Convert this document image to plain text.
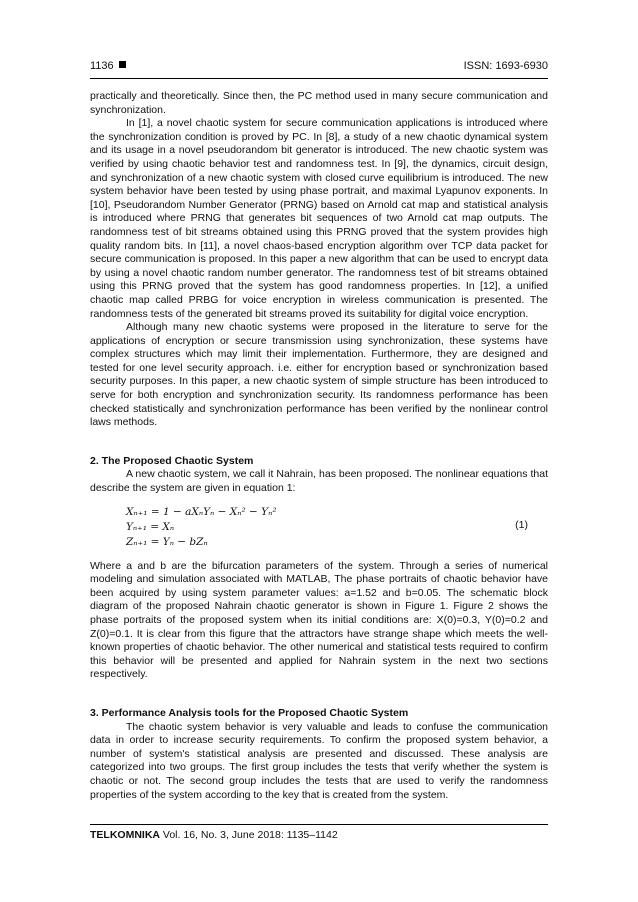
1136	ISSN: 1693-6930

practically and theoretically. Since then, the PC method used in many secure communication and synchronization.

In [1], a novel chaotic system for secure communication applications is introduced where the synchronization condition is proved by PC. In [8], a study of a new chaotic dynamical system and its usage in a novel pseudorandom bit generator is introduced. The new chaotic system was verified by using chaotic behavior test and randomness test. In [9], the dynamics, circuit design, and synchronization of a new chaotic system with closed curve equilibrium is introduced. The new system behavior have been tested by using phase portrait, and maximal Lyapunov exponents. In [10], Pseudorandom Number Generator (PRNG) based on Arnold cat map and statistical analysis is introduced where PRNG that generates bit sequences of two Arnold cat map outputs. The randomness test of bit streams obtained using this PRNG proved that the system provides high quality random bits. In [11], a novel chaos-based encryption algorithm over TCP data packet for secure communication is proposed. In this paper a new algorithm that can be used to encrypt data by using a novel chaotic random number generator. The randomness test of bit streams obtained using this PRNG proved that the system has good randomness properties. In [12], a unified chaotic map called PRBG for voice encryption in wireless communication is presented. The randomness tests of the generated bit streams proved its suitability for digital voice encryption.

Although many new chaotic systems were proposed in the literature to serve for the applications of encryption or secure transmission using synchronization, these systems have complex structures which may limit their implementation. Furthermore, they are designed and tested for one level security approach. i.e. either for encryption based or synchronization based security purposes. In this paper, a new chaotic system of simple structure has been introduced to serve for both encryption and synchronization security. Its randomness performance has been checked statistically and synchronization performance has been verified by the nonlinear control laws methods.

2. The Proposed Chaotic System

A new chaotic system, we call it Nahrain, has been proposed. The nonlinear equations that describe the system are given in equation 1:

Xₙ₊₁ = 1 − aXₙYₙ − Xₙ² − Yₙ²
Yₙ₊₁ = Xₙ
Zₙ₊₁ = Yₙ − bZₙ
(1)

Where a and b are the bifurcation parameters of the system. Through a series of numerical modeling and simulation associated with MATLAB, The phase portraits of chaotic behavior have been acquired by using system parameter values: a=1.52 and b=0.05. The schematic block diagram of the proposed Nahrain chaotic generator is shown in Figure 1. Figure 2 shows the phase portraits of the proposed system when its initial conditions are: X(0)=0.3, Y(0)=0.2 and Z(0)=0.1. It is clear from this figure that the attractors have strange shape which meets the well-known properties of chaotic behavior. The other numerical and statistical tests required to confirm this behavior will be presented and applied for Nahrain system in the next two sections respectively.

3. Performance Analysis tools for the Proposed Chaotic System

The chaotic system behavior is very valuable and leads to confuse the communication data in order to increase security requirements. To confirm the proposed system behavior, a number of system's statistical analysis are presented and discussed. These analysis are categorized into two groups. The first group includes the tests that verify whether the system is chaotic or not. The second group includes the tests that are used to verify the randomness properties of the system according to the key that is created from the system.

TELKOMNIKA Vol. 16, No. 3, June 2018: 1135–1142
